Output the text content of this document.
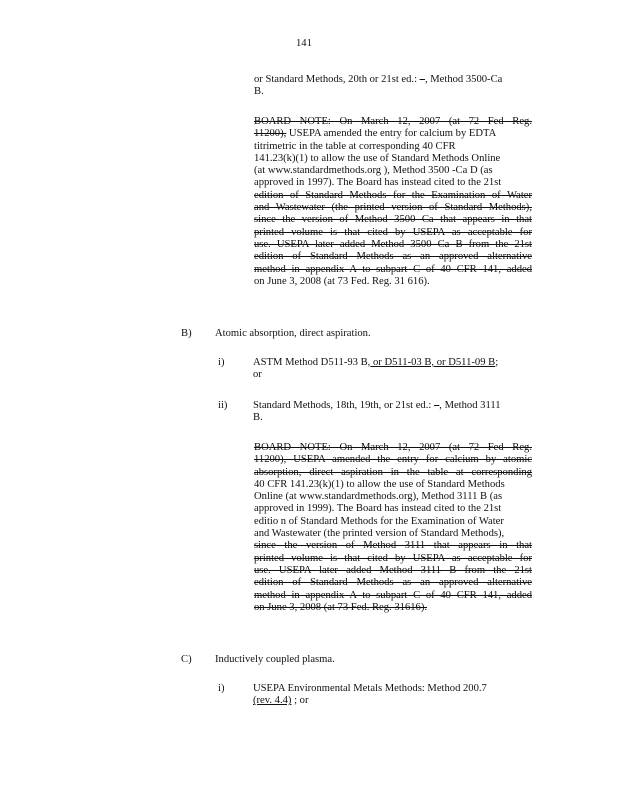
141
or Standard Methods, 20th or 21st ed.: –, Method 3500-Ca
B.
BOARD NOTE: On March 12, 2007 (at 72 Fed Reg.
11200), USEPA amended the entry for calcium by EDTA
titrimetric in the table at corresponding 40 CFR
141.23(k)(1) to allow the use of Standard Methods Online
(at www.standardmethods.org ), Method 3500 -Ca D (as
approved in 1997). The Board has instead cited to the 21st
edition of Standard Methods for the Examination of Water
and Wastewater (the printed version of Standard Methods),
since the version of Method 3500 Ca that appears in that
printed volume is that cited by USEPA as acceptable for
use. USEPA later added Method 3500 Ca B from the 21st
edition of Standard Methods as an approved alternative
method in appendix A to subpart C of 40 CFR 141, added
on June 3, 2008 (at 73 Fed. Reg. 31 616).
B) Atomic absorption, direct aspiration.
i)	ASTM Method D511-93 B, or D511-03 B, or D511-09 B;
or
ii) Standard Methods, 18th, 19th, or 21st ed.: –, Method 3111
B.
BOARD NOTE: On March 12, 2007 (at 72 Fed Reg.
11200), USEPA amended the entry for calcium by atomic
absorption, direct aspiration in the table at corresponding
40 CFR 141.23(k)(1) to allow the use of Standard Methods
Online (at www.standardmethods.org), Method 3111 B (as
approved in 1999). The Board has instead cited to the 21st
editio n of Standard Methods for the Examination of Water
and Wastewater (the printed version of Standard Methods),
since the version of Method 3111 that appears in that
printed volume is that cited by USEPA as acceptable for
use. USEPA later added Method 3111 B from the 21st
edition of Standard Methods as an approved alternative
method in appendix A to subpart C of 40 CFR 141, added
on June 3, 2008 (at 73 Fed. Reg. 31616).
C) Inductively coupled plasma.
i)	USEPA Environmental Metals Methods: Method 200.7
(rev. 4.4) ; or
